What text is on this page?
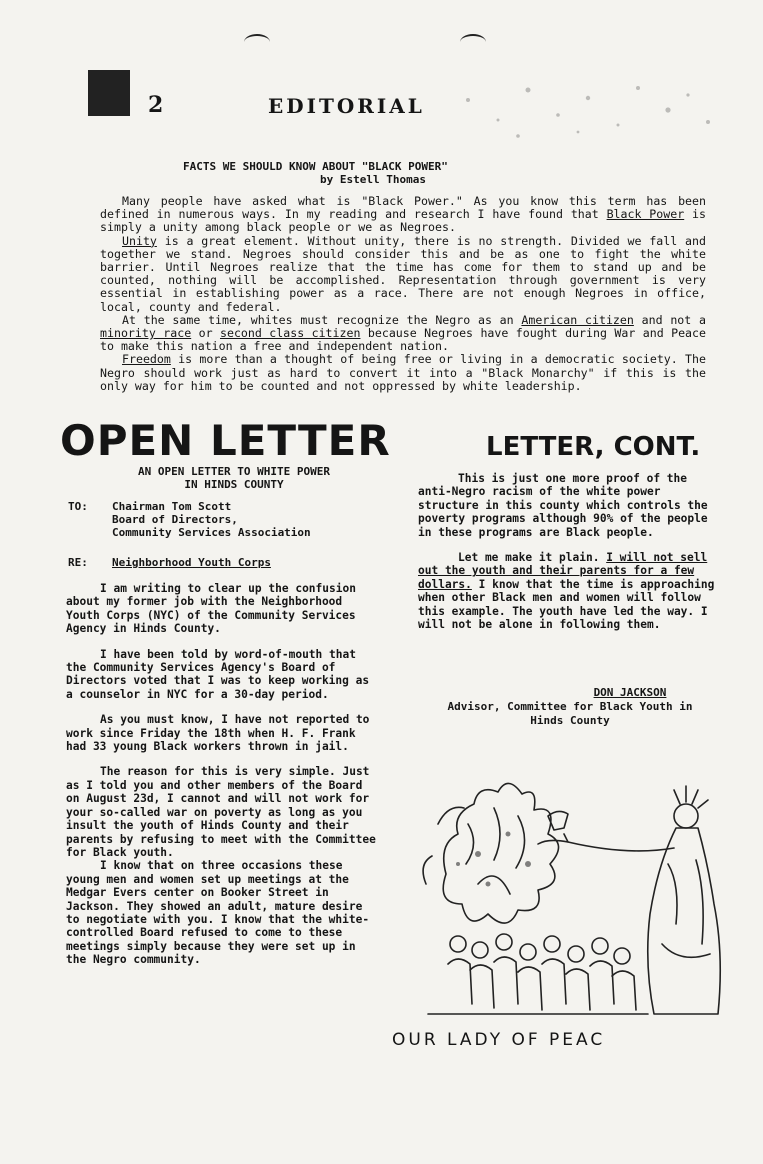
2	EDITORIAL
FACTS WE SHOULD KNOW ABOUT "BLACK POWER"
by Estell Thomas

Many people have asked what is "Black Power." As you know this term has been defined in numerous ways. In my reading and research I have found that Black Power is simply a unity among black people or we as Negroes.

Unity is a great element. Without unity, there is no strength. Divided we fall and together we stand. Negroes should consider this and be as one to fight the white barrier. Until Negroes realize that the time has come for them to stand up and be counted, nothing will be accomplished. Representation through government is very essential in establishing power as a race. There are not enough Negroes in office, local, county and federal.

At the same time, whites must recognize the Negro as an American citizen and not a minority race or second class citizen because Negroes have fought during War and Peace to make this nation a free and independent nation.

Freedom is more than a thought of being free or living in a democratic society. The Negro should work just as hard to convert it into a "Black Monarchy" if this is the only way for him to be counted and not oppressed by white leadership.

OPEN LETTER
AN OPEN LETTER TO WHITE POWER
IN HINDS COUNTY
TO: Chairman Tom Scott
Board of Directors,
Community Services Association
RE: Neighborhood Youth Corps

I am writing to clear up the confusion about my former job with the Neighborhood Youth Corps (NYC) of the Community Services Agency in Hinds County.

I have been told by word-of-mouth that the Community Services Agency's Board of Directors voted that I was to keep working as a counselor in NYC for a 30-day period.

As you must know, I have not reported to work since Friday the 18th when H. F. Frank had 33 young Black workers thrown in jail.

The reason for this is very simple. Just as I told you and other members of the Board on August 23d, I cannot and will not work for your so-called war on poverty as long as you insult the youth of Hinds County and their parents by refusing to meet with the Committee for Black youth.

I know that on three occasions these young men and women set up meetings at the Medgar Evers center on Booker Street in Jackson. They showed an adult, mature desire to negotiate with you. I know that the white-controlled Board refused to come to these meetings simply because they were set up in the Negro community.

LETTER, CONT.

This is just one more proof of the anti-Negro racism of the white power structure in this county which controls the poverty programs although 90% of the people in these programs are Black people.

Let me make it plain. I will not sell out the youth and their parents for a few dollars. I know that the time is approaching when other Black men and women will follow this example. The youth have led the way. I will not be alone in following them.

DON JACKSON
Advisor, Committee for Black Youth in
Hinds County
OUR LADY OF PEAC
